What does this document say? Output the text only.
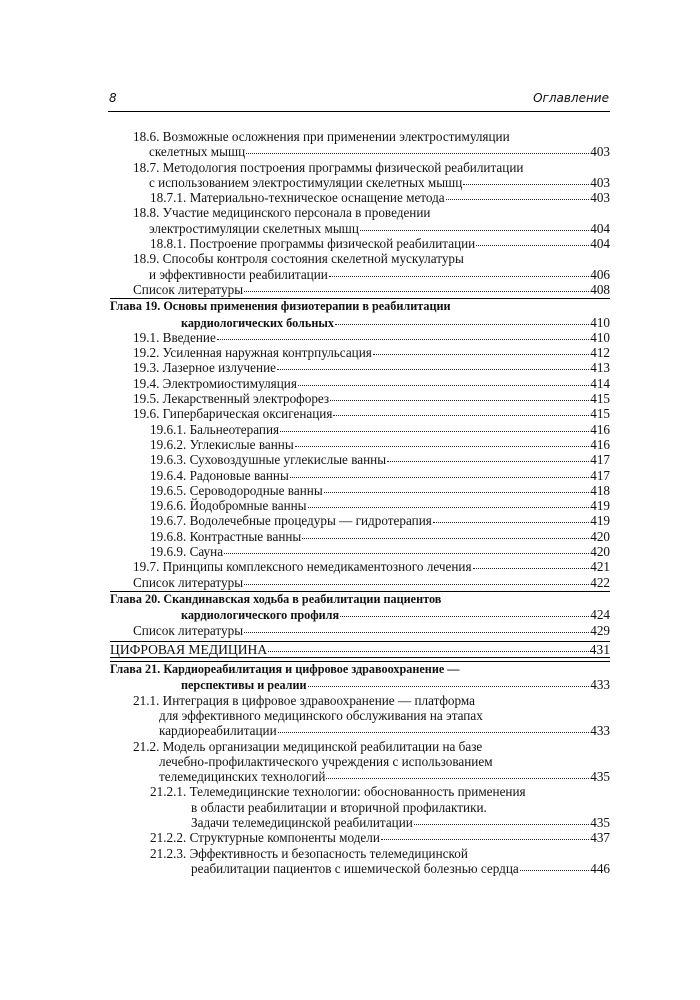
8	Оглавление
18.6. Возможные осложнения при применении электростимуляции
скелетных мышц	403
18.7. Методология построения программы физической реабилитации
с использованием электростимуляции скелетных мышц	403
18.7.1. Материально-техническое оснащение метода	403
18.8. Участие медицинского персонала в проведении
электростимуляции скелетных мышц	404
18.8.1. Построение программы физической реабилитации	404
18.9. Способы контроля состояния скелетной мускулатуры
и эффективности реабилитации	406
Список литературы	408
Глава 19. Основы применения физиотерапии в реабилитации
кардиологических больных	410
19.1. Введение	410
19.2. Усиленная наружная контрпульсация	412
19.3. Лазерное излучение	413
19.4. Электромиостимуляция	414
19.5. Лекарственный электрофорез	415
19.6. Гипербарическая оксигенация	415
19.6.1. Бальнеотерапия	416
19.6.2. Углекислые ванны	416
19.6.3. Суховоздушные углекислые ванны	417
19.6.4. Радоновые ванны	417
19.6.5. Сероводородные ванны	418
19.6.6. Йодобромные ванны	419
19.6.7. Водолечебные процедуры — гидротерапия	419
19.6.8. Контрастные ванны	420
19.6.9. Сауна	420
19.7. Принципы комплексного немедикаментозного лечения	421
Список литературы	422
Глава 20. Скандинавская ходьба в реабилитации пациентов
кардиологического профиля	424
Список литературы	429
ЦИФРОВАЯ МЕДИЦИНА	431
Глава 21. Кардиореабилитация и цифровое здравоохранение —
перспективы и реалии	433
21.1. Интеграция в цифровое здравоохранение — платформа
для эффективного медицинского обслуживания на этапах
кардиореабилитации	433
21.2. Модель организации медицинской реабилитации на базе
лечебно-профилактического учреждения с использованием
телемедицинских технологий	435
21.2.1. Телемедицинские технологии: обоснованность применения
в области реабилитации и вторичной профилактики.
Задачи телемедицинской реабилитации	435
21.2.2. Структурные компоненты модели	437
21.2.3. Эффективность и безопасность телемедицинской
реабилитации пациентов с ишемической болезнью сердца	446
